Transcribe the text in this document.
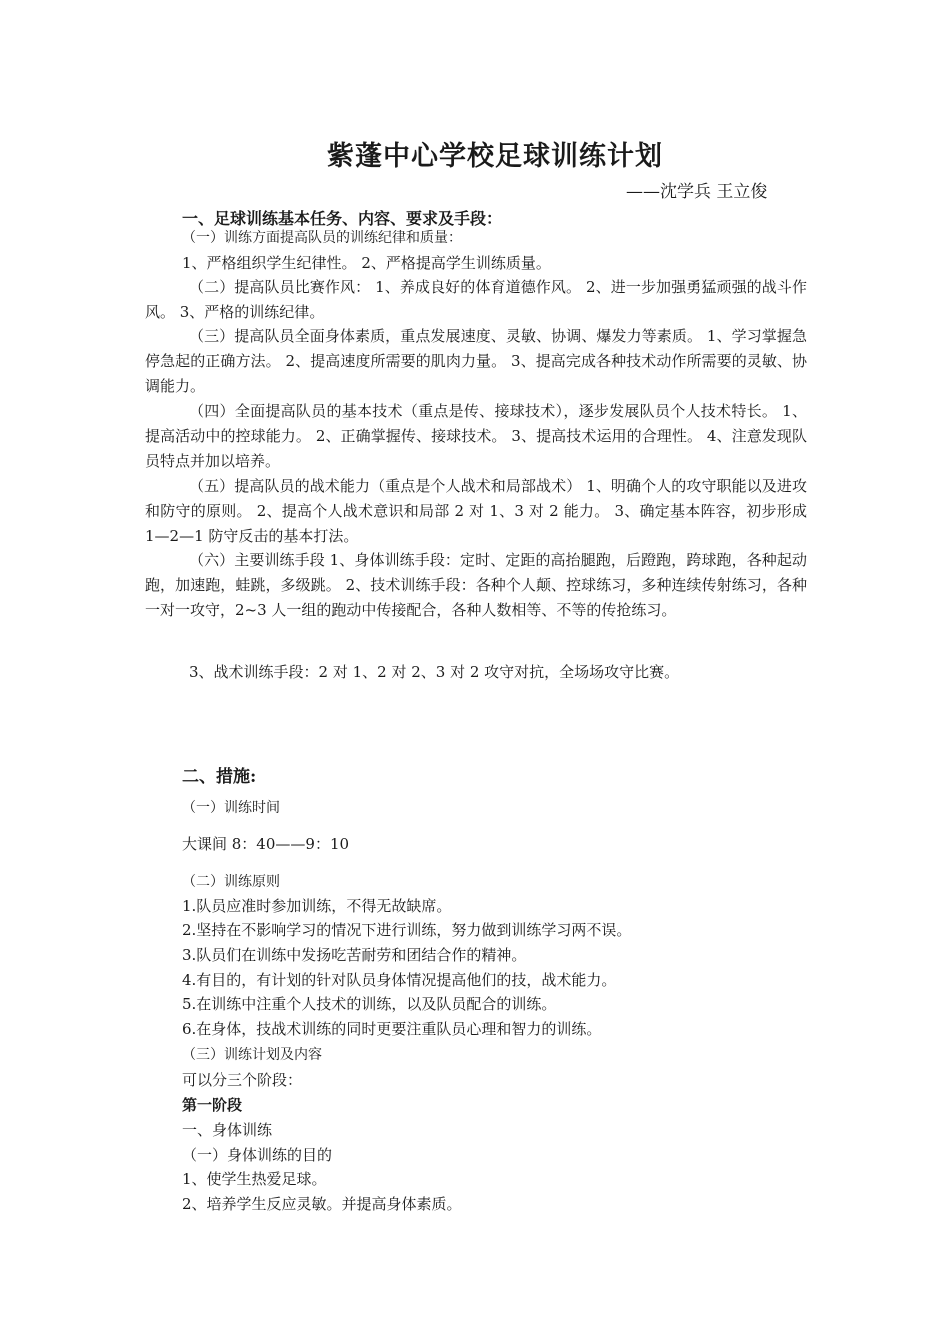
紫蓬中心学校足球训练计划
——沈学兵 王立俊
一、足球训练基本任务、内容、要求及手段：
（一）训练方面提高队员的训练纪律和质量：
1、严格组织学生纪律性。 2、严格提高学生训练质量。
（二）提高队员比赛作风： 1、养成良好的体育道德作风。 2、进一步加强勇猛顽强的战斗作风。 3、严格的训练纪律。
（三）提高队员全面身体素质，重点发展速度、灵敏、协调、爆发力等素质。 1、学习掌握急停急起的正确方法。 2、提高速度所需要的肌肉力量。 3、提高完成各种技术动作所需要的灵敏、协调能力。
（四）全面提高队员的基本技术（重点是传、接球技术），逐步发展队员个人技术特长。 1、提高活动中的控球能力。 2、正确掌握传、接球技术。 3、提高技术运用的合理性。 4、注意发现队员特点并加以培养。
（五）提高队员的战术能力（重点是个人战术和局部战术） 1、明确个人的攻守职能以及进攻和防守的原则。 2、提高个人战术意识和局部 2 对 1、3 对 2 能力。 3、确定基本阵容，初步形成 1—2—1 防守反击的基本打法。
（六）主要训练手段 1、身体训练手段：定时、定距的高抬腿跑，后蹬跑，跨球跑，各种起动跑，加速跑，蛙跳，多级跳。 2、技术训练手段：各种个人颠、控球练习，多种连续传射练习，各种一对一攻守，2~3 人一组的跑动中传接配合，各种人数相等、不等的传抢练习。
3、战术训练手段：2 对 1、2 对 2、3 对 2 攻守对抗，全场场攻守比赛。
二、措施:
（一）训练时间
大课间 8：40——9：10
（二）训练原则
1.队员应准时参加训练，不得无故缺席。
2.坚持在不影响学习的情况下进行训练，努力做到训练学习两不误。
3.队员们在训练中发扬吃苦耐劳和团结合作的精神。
4.有目的，有计划的针对队员身体情况提高他们的技，战术能力。
5.在训练中注重个人技术的训练，以及队员配合的训练。
6.在身体，技战术训练的同时更要注重队员心理和智力的训练。
（三）训练计划及内容
可以分三个阶段：
第一阶段
一、身体训练
（一）身体训练的目的
1、使学生热爱足球。
2、培养学生反应灵敏。并提高身体素质。
